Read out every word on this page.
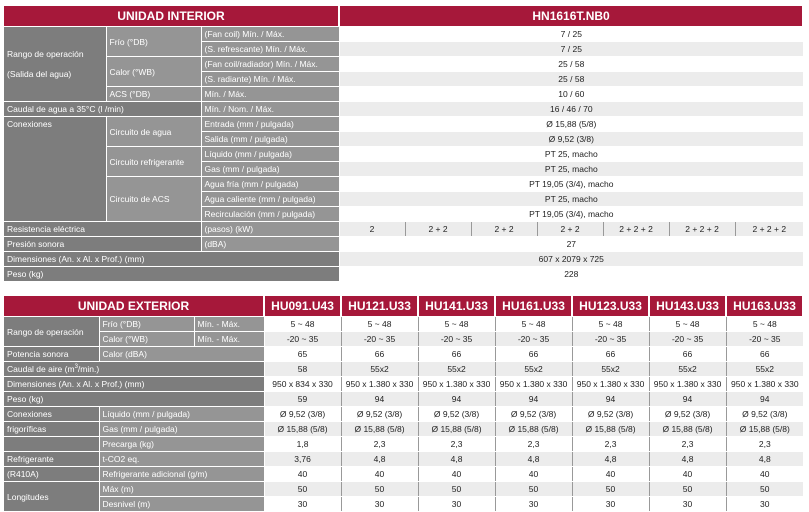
UNIDAD INTERIOR			HN1616T.NB0						
Rango de operación
(Salida del agua)	Frío (°DB)	(Fan coil) Mín. / Máx.	7 / 25						
		(S. refrescante) Mín. / Máx.	7 / 25						
	Calor (°WB)	(Fan coil/radiador) Mín. / Máx.	25 / 58						
		(S. radiante) Mín. / Máx.	25 / 58						
	ACS (°DB)	Mín. / Máx.	10 / 60						
Caudal de agua a 35°C (l /min)		Mín. / Nom. / Máx.	16 / 46 / 70						
Conexiones	Circuito de agua	Entrada (mm / pulgada)	Ø 15,88 (5/8)						
		Salida (mm / pulgada)	Ø 9,52 (3/8)						
	Circuito refrigerante	Líquido (mm / pulgada)	PT 25, macho						
		Gas (mm / pulgada)	PT 25, macho						
	Circuito de ACS	Agua fría (mm / pulgada)	PT 19,05 (3/4), macho						
		Agua caliente (mm / pulgada)	PT 25, macho						
		Recirculación (mm / pulgada)	PT 19,05 (3/4), macho						
Resistencia eléctrica		(pasos) (kW)	2	2 + 2	2 + 2	2 + 2	2 + 2 + 2	2 + 2 + 2	2 + 2 + 2
Presión sonora		(dBA)	27						
Dimensiones (An. x Al. x Prof.) (mm)			607 x 2079 x 725						
Peso (kg)			228						
UNIDAD EXTERIOR			HU091.U43	HU121.U33	HU141.U33	HU161.U33	HU123.U33	HU143.U33	HU163.U33
Rango de operación	Frío (°DB)	Mín. - Máx.	5 ~ 48	5 ~ 48	5 ~ 48	5 ~ 48	5 ~ 48	5 ~ 48	5 ~ 48
	Calor (°WB)	Mín. - Máx.	-20 ~ 35	-20 ~ 35	-20 ~ 35	-20 ~ 35	-20 ~ 35	-20 ~ 35	-20 ~ 35
Potencia sonora	Calor (dBA)		65	66	66	66	66	66	66
Caudal de aire $(m^3/\min.)$			58	55x2	55x2	55x2	55x2	55x2	55x2
Dimensiones (An. x Al. x Prof.) (mm)			950 x 834 x 330	950 x 1.380 x 330	950 x 1.380 x 330	950 x 1.380 x 330	950 x 1.380 x 330	950 x 1.380 x 330	950 x 1.380 x 330
Peso (kg)			59	94	94	94	94	94	94
Conexiones	Líquido (mm / pulgada)		Ø 9,52 (3/8)	Ø 9,52 (3/8)	Ø 9,52 (3/8)	Ø 9,52 (3/8)	Ø 9,52 (3/8)	Ø 9,52 (3/8)	Ø 9,52 (3/8)
frigoríficas	Gas (mm / pulgada)		Ø 15,88 (5/8)	Ø 15,88 (5/8)	Ø 15,88 (5/8)	Ø 15,88 (5/8)	Ø 15,88 (5/8)	Ø 15,88 (5/8)	Ø 15,88 (5/8)
	Precarga (kg)		1,8	2,3	2,3	2,3	2,3	2,3	2,3
Refrigerante	t-CO2 eq.		3,76	4,8	4,8	4,8	4,8	4,8	4,8
(R410A)	Refrigerante adicional (g/m)		40	40	40	40	40	40	40
Longitudes	Máx (m)		50	50	50	50	50	50	50
	Desnivel (m)		30	30	30	30	30	30	30
